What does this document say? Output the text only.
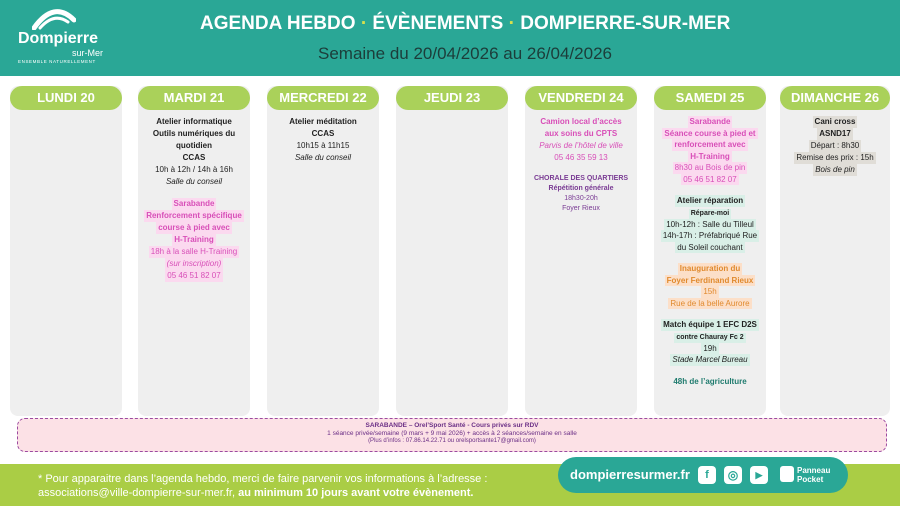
Dompierre
sur-Mer
ENSEMBLE NATURELLEMENT
AGENDA HEBDO · ÉVÈNEMENTS · DOMPIERRE-SUR-MER
Semaine du 20/04/2026 au 26/04/2026
LUNDI 20	MARDI 21
Atelier informatique
Outils numériques du
quotidien
CCAS
10h à 12h / 14h à 16h
Salle du conseil
Sarabande
Renforcement spécifique
course à pied avec
H-Training
18h à la salle H-Training
(sur inscription)
05 46 51 82 07
MERCREDI 22
Atelier méditation
CCAS
10h15 à 11h15
Salle du conseil
JEUDI 23	VENDREDI 24
Camion local d’accès
aux soins du CPTS
Parvis de l’hôtel de ville
05 46 35 59 13
CHORALE DES QUARTIERS
Répétition générale
18h30-20h
Foyer Rieux
SAMEDI 25
Sarabande
Séance course à pied et
renforcement avec
H-Training
8h30 au Bois de pin
05 46 51 82 07
Atelier réparation
Répare-moi
10h-12h : Salle du Tilleul
14h-17h : Préfabriqué Rue
du Soleil couchant
Inauguration du
Foyer Ferdinand Rieux
15h
Rue de la belle Aurore
Match équipe 1 EFC D2S
contre Chauray Fc 2
19h
Stade Marcel Bureau
48h de l’agriculture
DIMANCHE 26
Cani cross
ASND17
Départ : 8h30
Remise des prix : 15h
Bois de pin
SARABANDE – Orel’Sport Santé - Cours privés sur RDV
1 séance privée/semaine (9 mars + 9 mai 2026) + accès à 2 séances/semaine en salle
(Plus d’infos : 07.86.14.22.71 ou orelsportsante17@gmail.com)
* Pour apparaitre dans l’agenda hebdo, merci de faire parvenir vos informations à l’adresse :
associations@ville-dompierre-sur-mer.fr, au minimum 10 jours avant votre évènement.
dompierresurmer.fr	f	◎	▶	Panneau
Pocket
